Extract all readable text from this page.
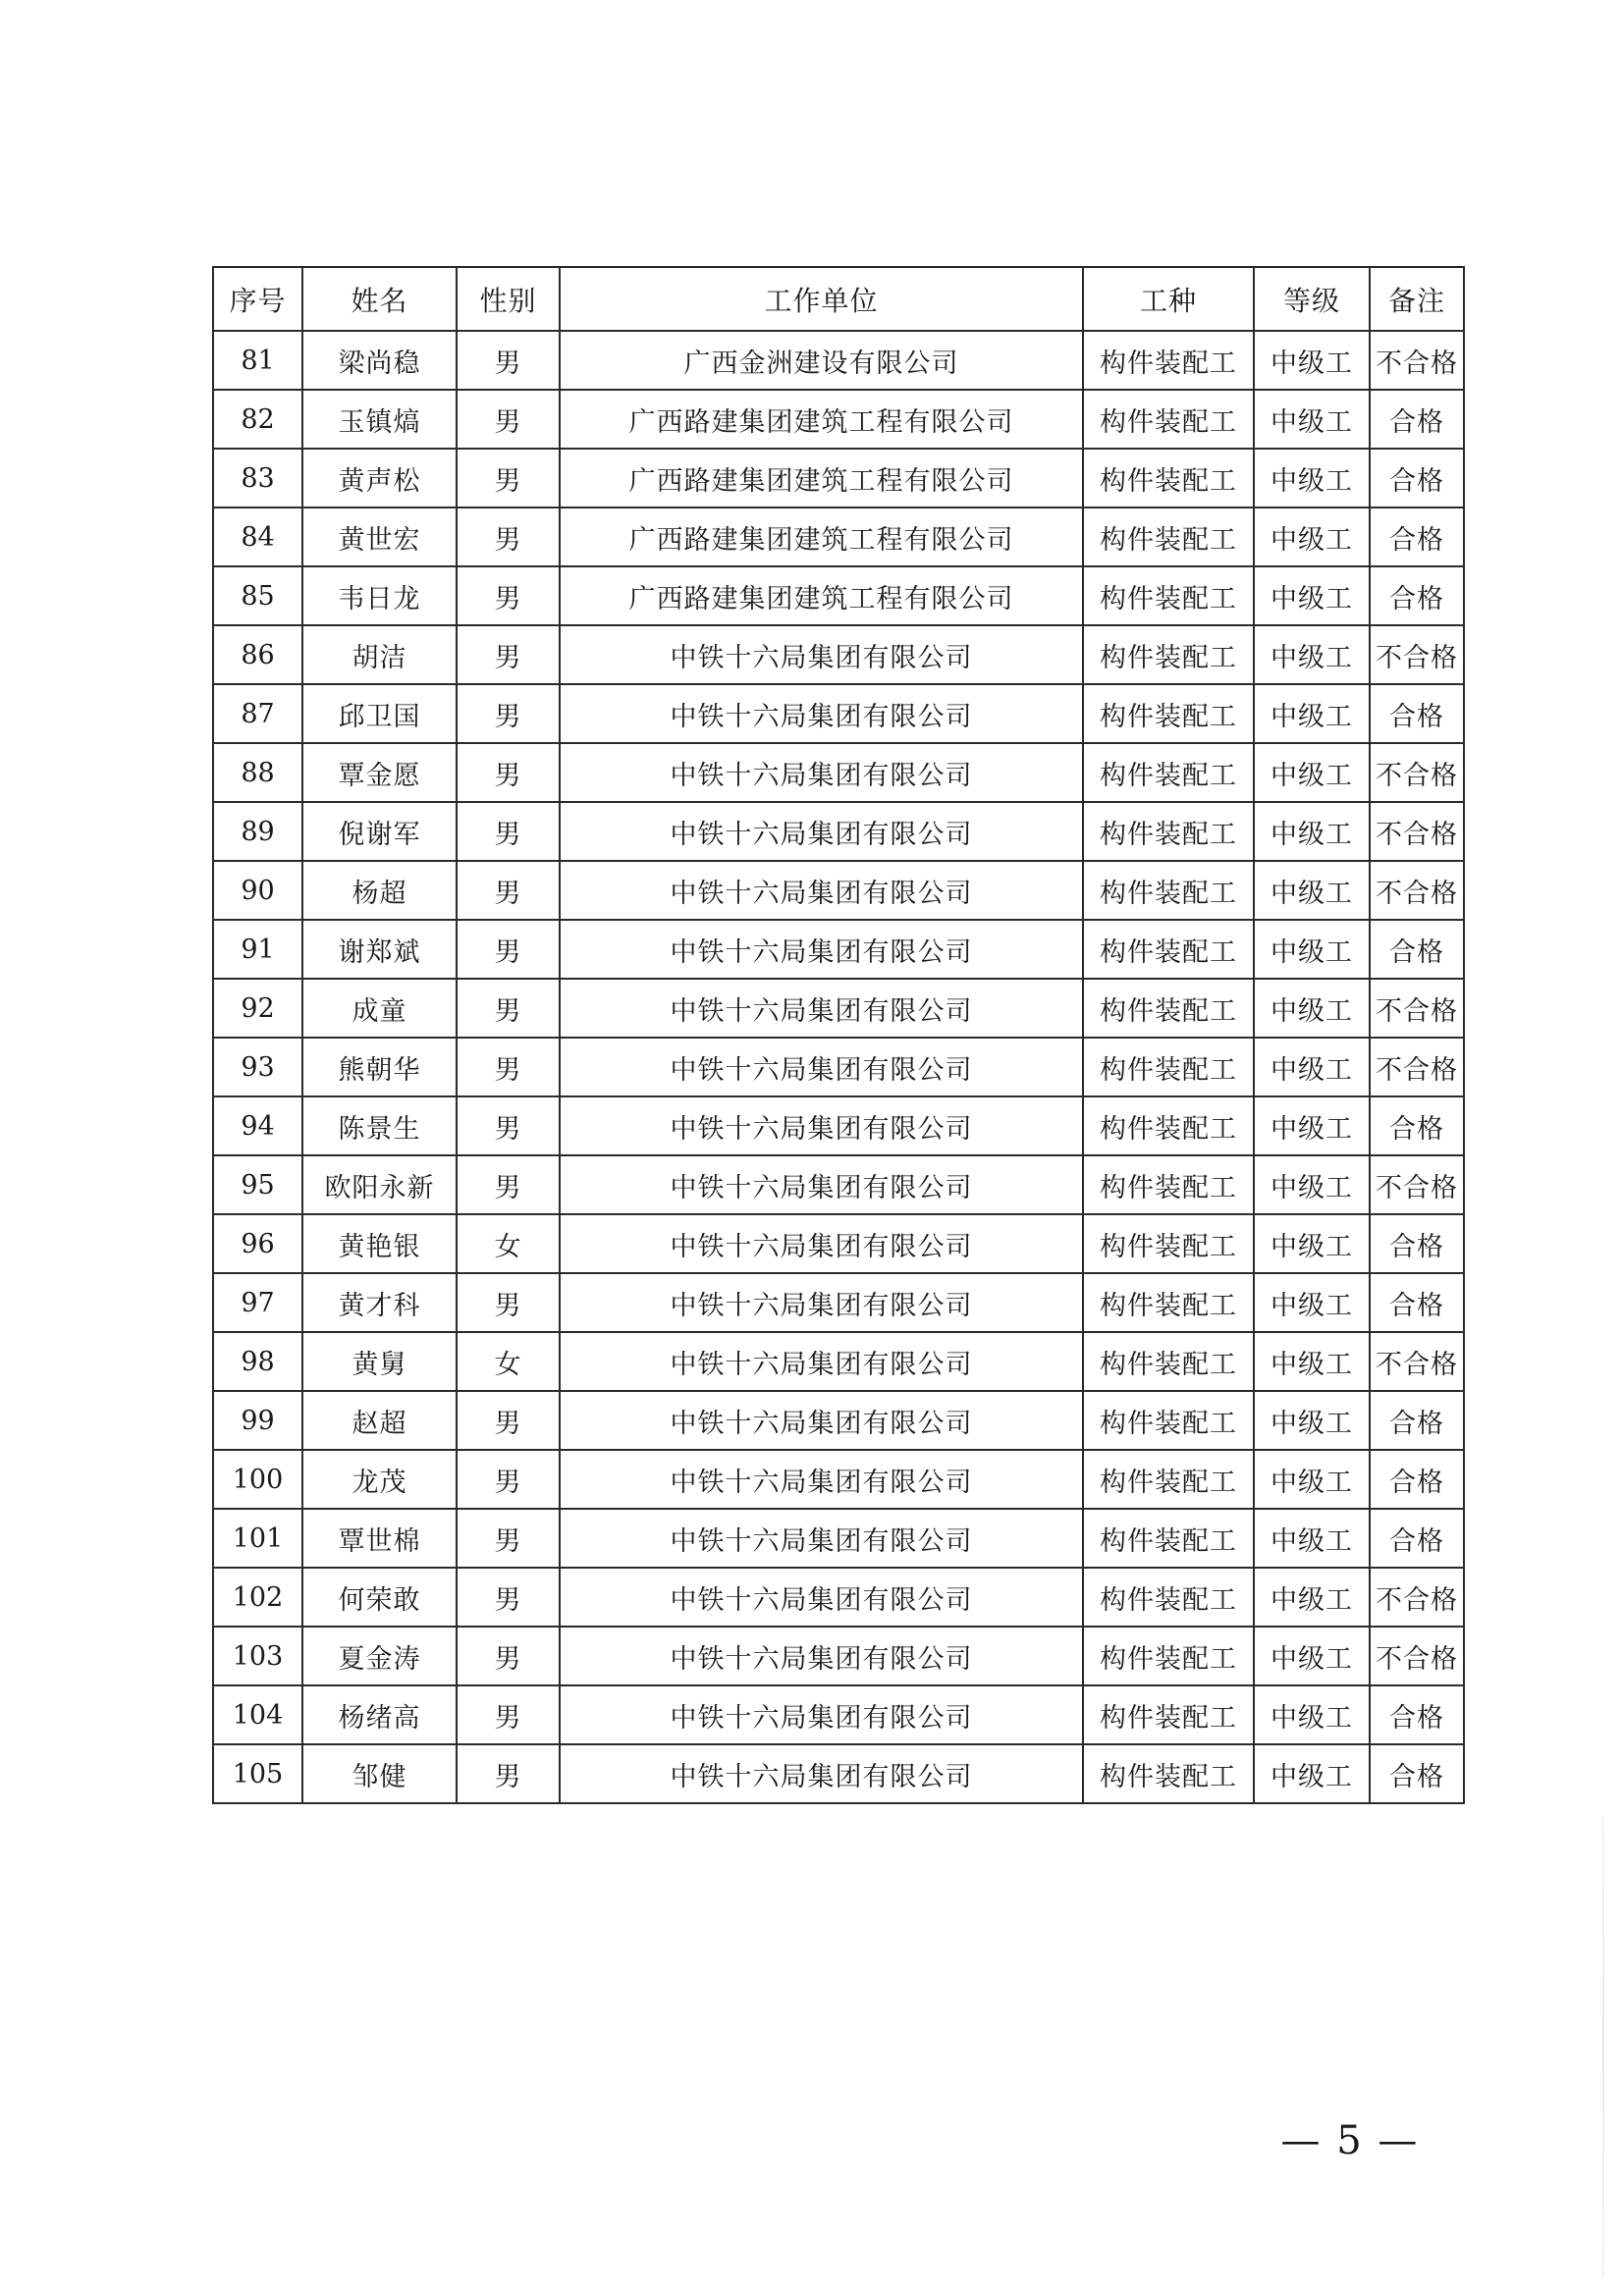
序号	姓名	性别	工作单位	工种	等级	备注
81	梁尚稳	男	广西金洲建设有限公司	构件装配工	中级工	不合格
82	玉镇熇	男	广西路建集团建筑工程有限公司	构件装配工	中级工	合格
83	黄声松	男	广西路建集团建筑工程有限公司	构件装配工	中级工	合格
84	黄世宏	男	广西路建集团建筑工程有限公司	构件装配工	中级工	合格
85	韦日龙	男	广西路建集团建筑工程有限公司	构件装配工	中级工	合格
86	胡洁	男	中铁十六局集团有限公司	构件装配工	中级工	不合格
87	邱卫国	男	中铁十六局集团有限公司	构件装配工	中级工	合格
88	覃金愿	男	中铁十六局集团有限公司	构件装配工	中级工	不合格
89	倪谢军	男	中铁十六局集团有限公司	构件装配工	中级工	不合格
90	杨超	男	中铁十六局集团有限公司	构件装配工	中级工	不合格
91	谢郑斌	男	中铁十六局集团有限公司	构件装配工	中级工	合格
92	成童	男	中铁十六局集团有限公司	构件装配工	中级工	不合格
93	熊朝华	男	中铁十六局集团有限公司	构件装配工	中级工	不合格
94	陈景生	男	中铁十六局集团有限公司	构件装配工	中级工	合格
95	欧阳永新	男	中铁十六局集团有限公司	构件装配工	中级工	不合格
96	黄艳银	女	中铁十六局集团有限公司	构件装配工	中级工	合格
97	黄才科	男	中铁十六局集团有限公司	构件装配工	中级工	合格
98	黄舅	女	中铁十六局集团有限公司	构件装配工	中级工	不合格
99	赵超	男	中铁十六局集团有限公司	构件装配工	中级工	合格
100	龙茂	男	中铁十六局集团有限公司	构件装配工	中级工	合格
101	覃世棉	男	中铁十六局集团有限公司	构件装配工	中级工	合格
102	何荣敢	男	中铁十六局集团有限公司	构件装配工	中级工	不合格
103	夏金涛	男	中铁十六局集团有限公司	构件装配工	中级工	不合格
104	杨绪高	男	中铁十六局集团有限公司	构件装配工	中级工	合格
105	邹健	男	中铁十六局集团有限公司	构件装配工	中级工	合格
— 5 —
